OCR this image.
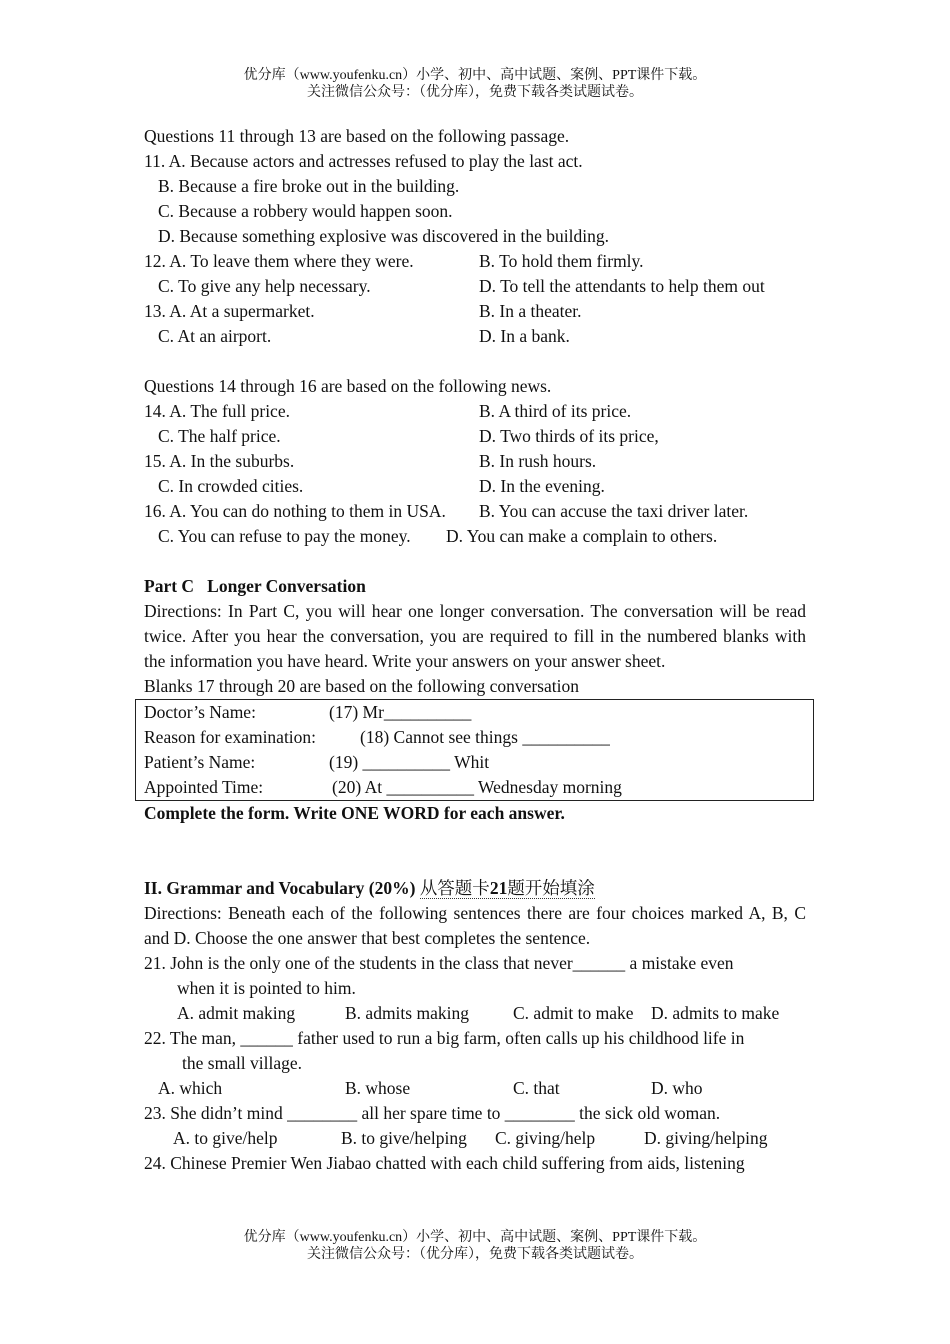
优分库（www.youfenku.cn）小学、初中、高中试题、案例、PPT课件下载。
关注微信公众号：（优分库），免费下载各类试题试卷。
Questions 11 through 13 are based on the following passage.
11. A. Because actors and actresses refused to play the last act.
B. Because a fire broke out in the building.
C. Because a robbery would happen soon.
D. Because something explosive was discovered in the building.
12. A. To leave them where they were.	B. To hold them firmly.
C. To give any help necessary.	D. To tell the attendants to help them out
13. A. At a supermarket.	B. In a theater.
C. At an airport.	D. In a bank.
Questions 14 through 16 are based on the following news.
14. A. The full price.	B. A third of its price.
C. The half price.	D. Two thirds of its price,
15. A. In the suburbs.	B. In rush hours.
C. In crowded cities.	D. In the evening.
16. A. You can do nothing to them in USA. B. You can accuse the taxi driver later.
C. You can refuse to pay the money. D. You can make a complain to others.
Part C   Longer Conversation
Directions: In Part C, you will hear one longer conversation. The conversation will be read twice. After you hear the conversation, you are required to fill in the numbered blanks with the information you have heard. Write your answers on your answer sheet.
Blanks 17 through 20 are based on the following conversation
Doctor’s Name:	(17) Mr__________
Reason for examination:	(18) Cannot see things __________
Patient’s Name:	(19) __________ Whit
Appointed Time:	(20) At __________ Wednesday morning
Complete the form. Write ONE WORD for each answer.
II. Grammar and Vocabulary (20%) 从答题卡21题开始填涂
Directions: Beneath each of the following sentences there are four choices marked A, B, C and D. Choose the one answer that best completes the sentence.
21. John is the only one of the students in the class that never______ a mistake even
when it is pointed to him.
A. admit making	B. admits making	C. admit to make D. admits to make
22. The man, ______ father used to run a big farm, often calls up his childhood life in
the small village.
A. which	B. whose	C. that	D. who
23. She didn’t mind ________ all her spare time to ________ the sick old woman.
A. to give/help	B. to give/helping C. giving/help	D. giving/helping
24. Chinese Premier Wen Jiabao chatted with each child suffering from aids, listening
优分库（www.youfenku.cn）小学、初中、高中试题、案例、PPT课件下载。
关注微信公众号：（优分库），免费下载各类试题试卷。
